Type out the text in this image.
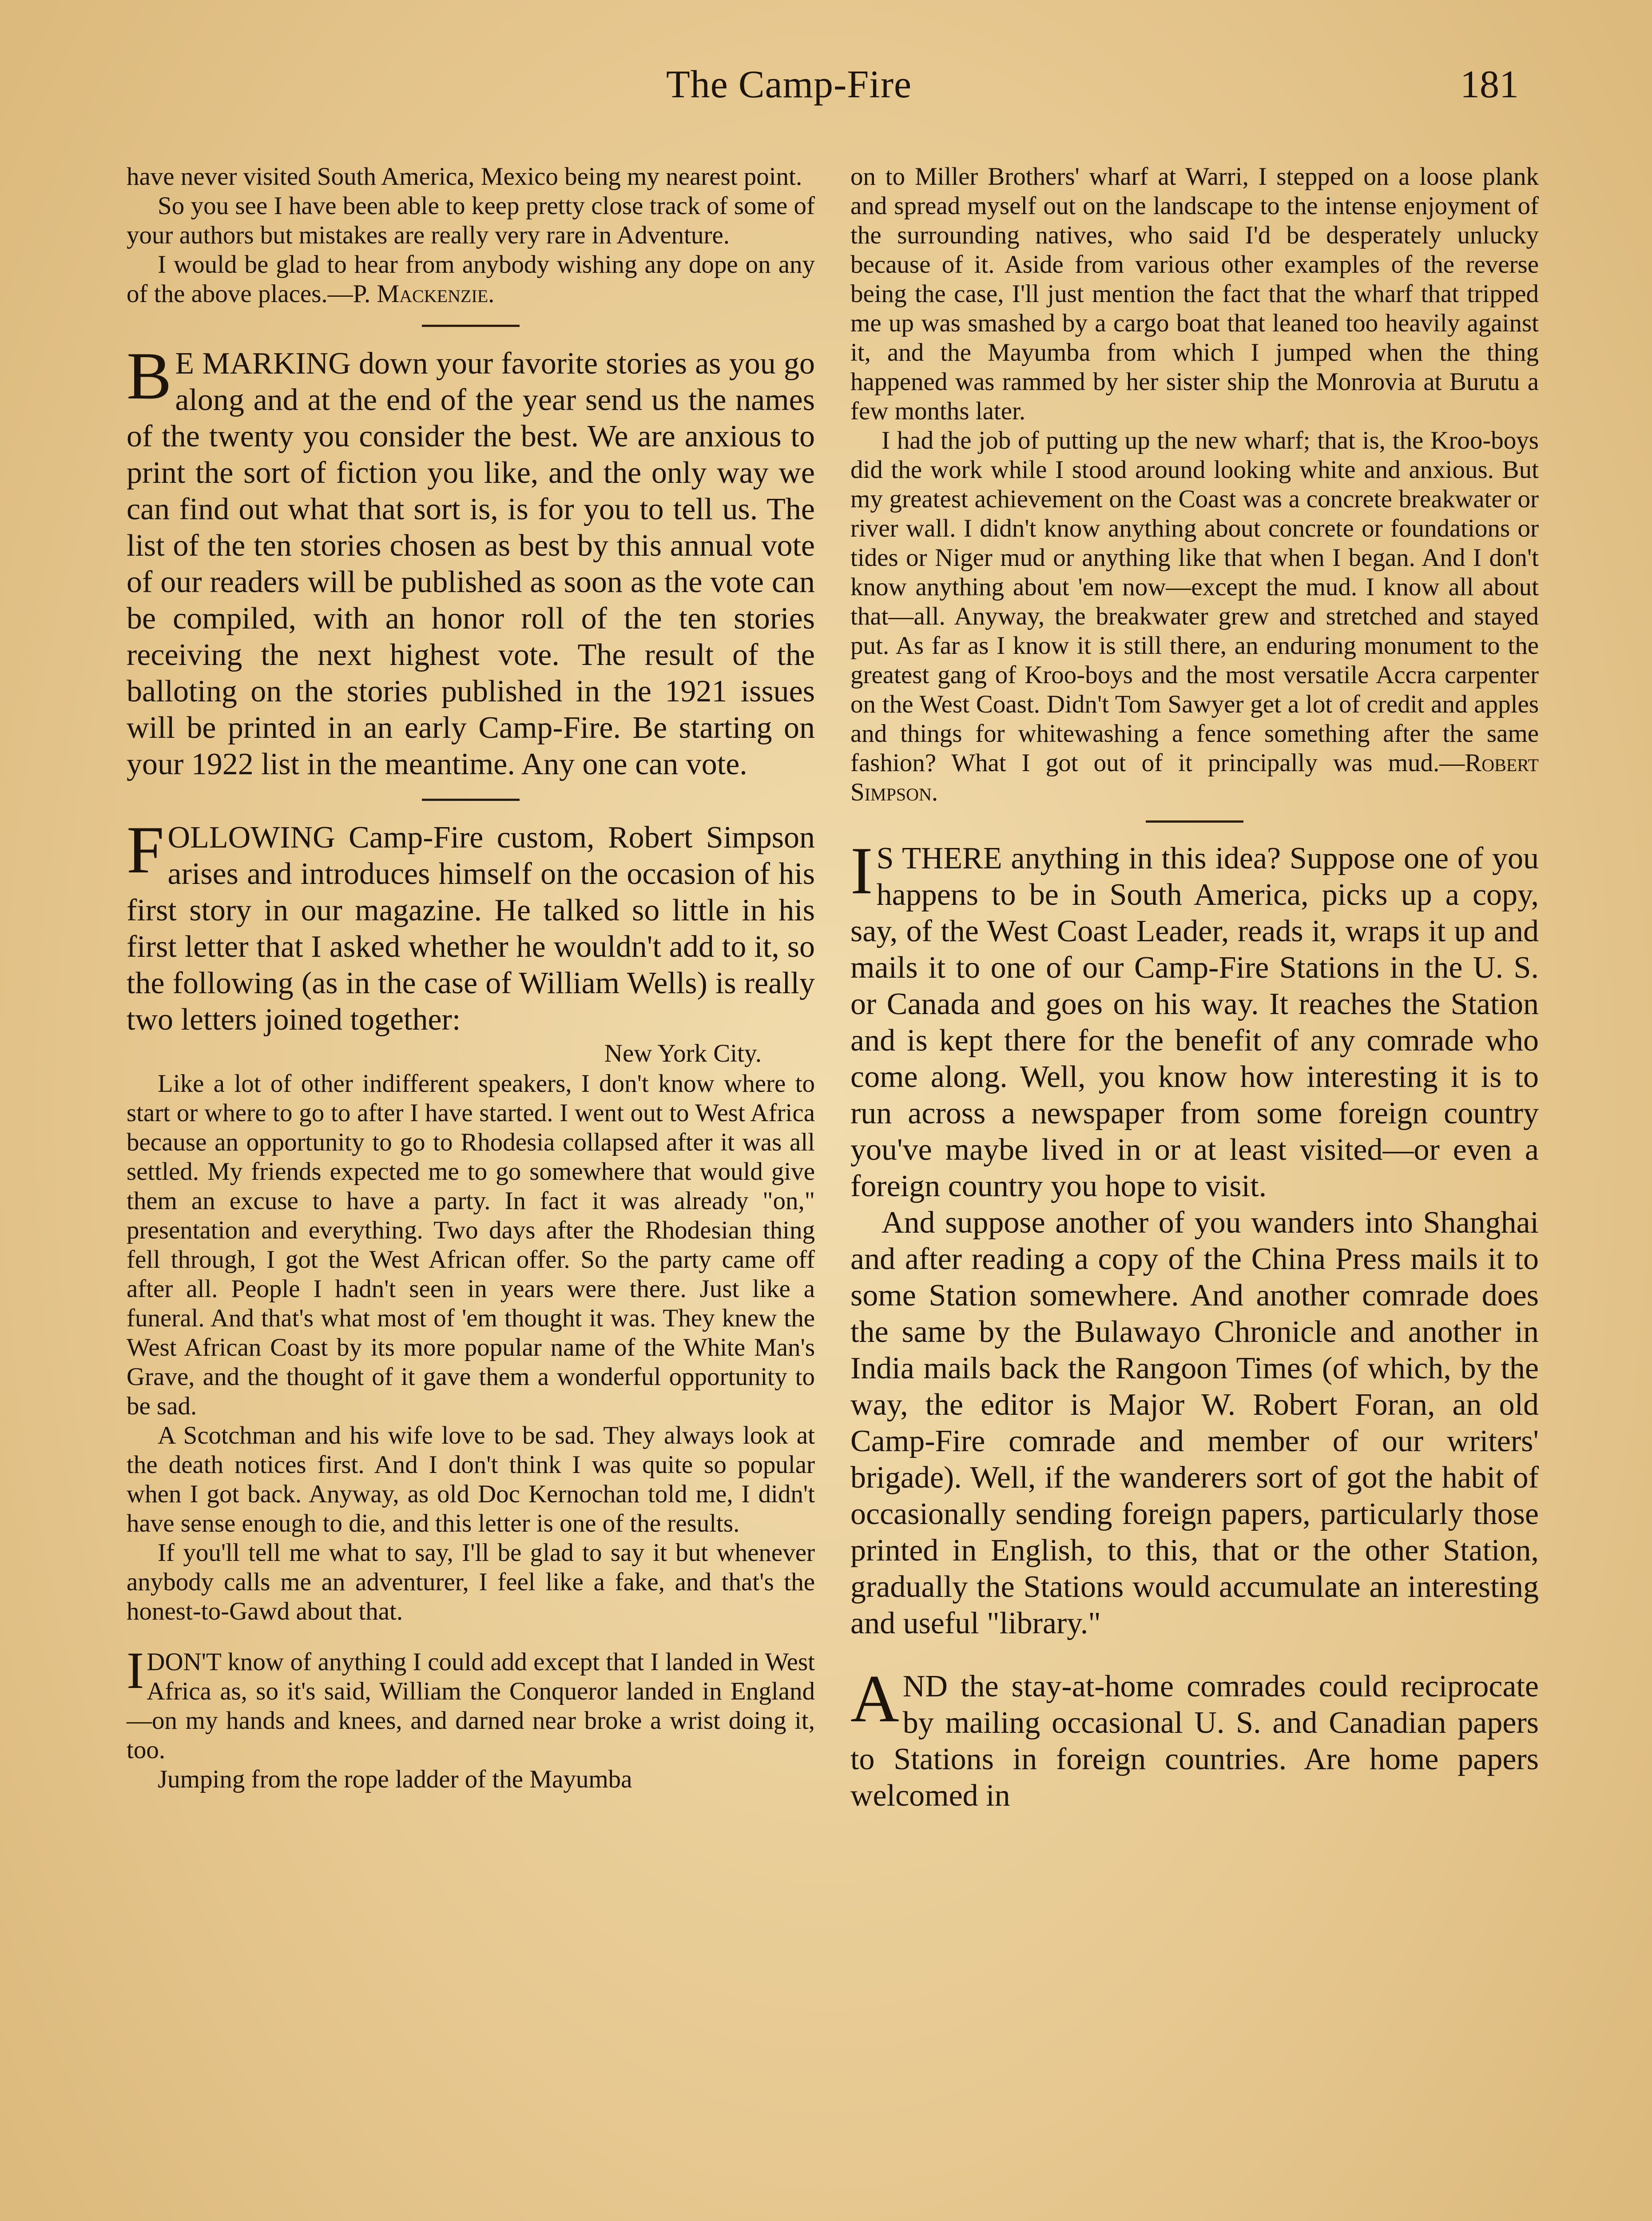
The Camp-Fire	181

have never visited South America, Mexico being my nearest point.

So you see I have been able to keep pretty close track of some of your authors but mistakes are really very rare in Adventure.

I would be glad to hear from anybody wishing any dope on any of the above places.—P. Mackenzie.

BE MARKING down your favorite stories as you go along and at the end of the year send us the names of the twenty you consider the best. We are anxious to print the sort of fiction you like, and the only way we can find out what that sort is, is for you to tell us. The list of the ten stories chosen as best by this annual vote of our readers will be published as soon as the vote can be compiled, with an honor roll of the ten stories receiving the next highest vote. The result of the balloting on the stories published in the 1921 issues will be printed in an early Camp-Fire. Be starting on your 1922 list in the meantime. Any one can vote.

FOLLOWING Camp-Fire custom, Robert Simpson arises and introduces himself on the occasion of his first story in our magazine. He talked so little in his first letter that I asked whether he wouldn't add to it, so the following (as in the case of William Wells) is really two letters joined together:

New York City.

Like a lot of other indifferent speakers, I don't know where to start or where to go to after I have started. I went out to West Africa because an opportunity to go to Rhodesia collapsed after it was all settled. My friends expected me to go somewhere that would give them an excuse to have a party. In fact it was already "on," presentation and everything. Two days after the Rhodesian thing fell through, I got the West African offer. So the party came off after all. People I hadn't seen in years were there. Just like a funeral. And that's what most of 'em thought it was. They knew the West African Coast by its more popular name of the White Man's Grave, and the thought of it gave them a wonderful opportunity to be sad.

A Scotchman and his wife love to be sad. They always look at the death notices first. And I don't think I was quite so popular when I got back. Anyway, as old Doc Kernochan told me, I didn't have sense enough to die, and this letter is one of the results.

If you'll tell me what to say, I'll be glad to say it but whenever anybody calls me an adventurer, I feel like a fake, and that's the honest-to-Gawd about that.

IDON'T know of anything I could add except that I landed in West Africa as, so it's said, William the Conqueror landed in England—on my hands and knees, and darned near broke a wrist doing it, too.

Jumping from the rope ladder of the Mayumba

on to Miller Brothers' wharf at Warri, I stepped on a loose plank and spread myself out on the landscape to the intense enjoyment of the surrounding natives, who said I'd be desperately unlucky because of it. Aside from various other examples of the reverse being the case, I'll just mention the fact that the wharf that tripped me up was smashed by a cargo boat that leaned too heavily against it, and the Mayumba from which I jumped when the thing happened was rammed by her sister ship the Monrovia at Burutu a few months later.

I had the job of putting up the new wharf; that is, the Kroo-boys did the work while I stood around looking white and anxious. But my greatest achievement on the Coast was a concrete breakwater or river wall. I didn't know anything about concrete or foundations or tides or Niger mud or anything like that when I began. And I don't know anything about 'em now—except the mud. I know all about that—all. Anyway, the breakwater grew and stretched and stayed put. As far as I know it is still there, an enduring monument to the greatest gang of Kroo-boys and the most versatile Accra carpenter on the West Coast. Didn't Tom Sawyer get a lot of credit and apples and things for whitewashing a fence something after the same fashion? What I got out of it principally was mud.—Robert Simpson.

IS THERE anything in this idea? Suppose one of you happens to be in South America, picks up a copy, say, of the West Coast Leader, reads it, wraps it up and mails it to one of our Camp-Fire Stations in the U. S. or Canada and goes on his way. It reaches the Station and is kept there for the benefit of any comrade who come along. Well, you know how interesting it is to run across a newspaper from some foreign country you've maybe lived in or at least visited—or even a foreign country you hope to visit.

And suppose another of you wanders into Shanghai and after reading a copy of the China Press mails it to some Station somewhere. And another comrade does the same by the Bulawayo Chronicle and another in India mails back the Rangoon Times (of which, by the way, the editor is Major W. Robert Foran, an old Camp-Fire comrade and member of our writers' brigade). Well, if the wanderers sort of got the habit of occasionally sending foreign papers, particularly those printed in English, to this, that or the other Station, gradually the Stations would accumulate an interesting and useful "library."

AND the stay-at-home comrades could reciprocate by mailing occasional U. S. and Canadian papers to Stations in foreign countries. Are home papers welcomed in
